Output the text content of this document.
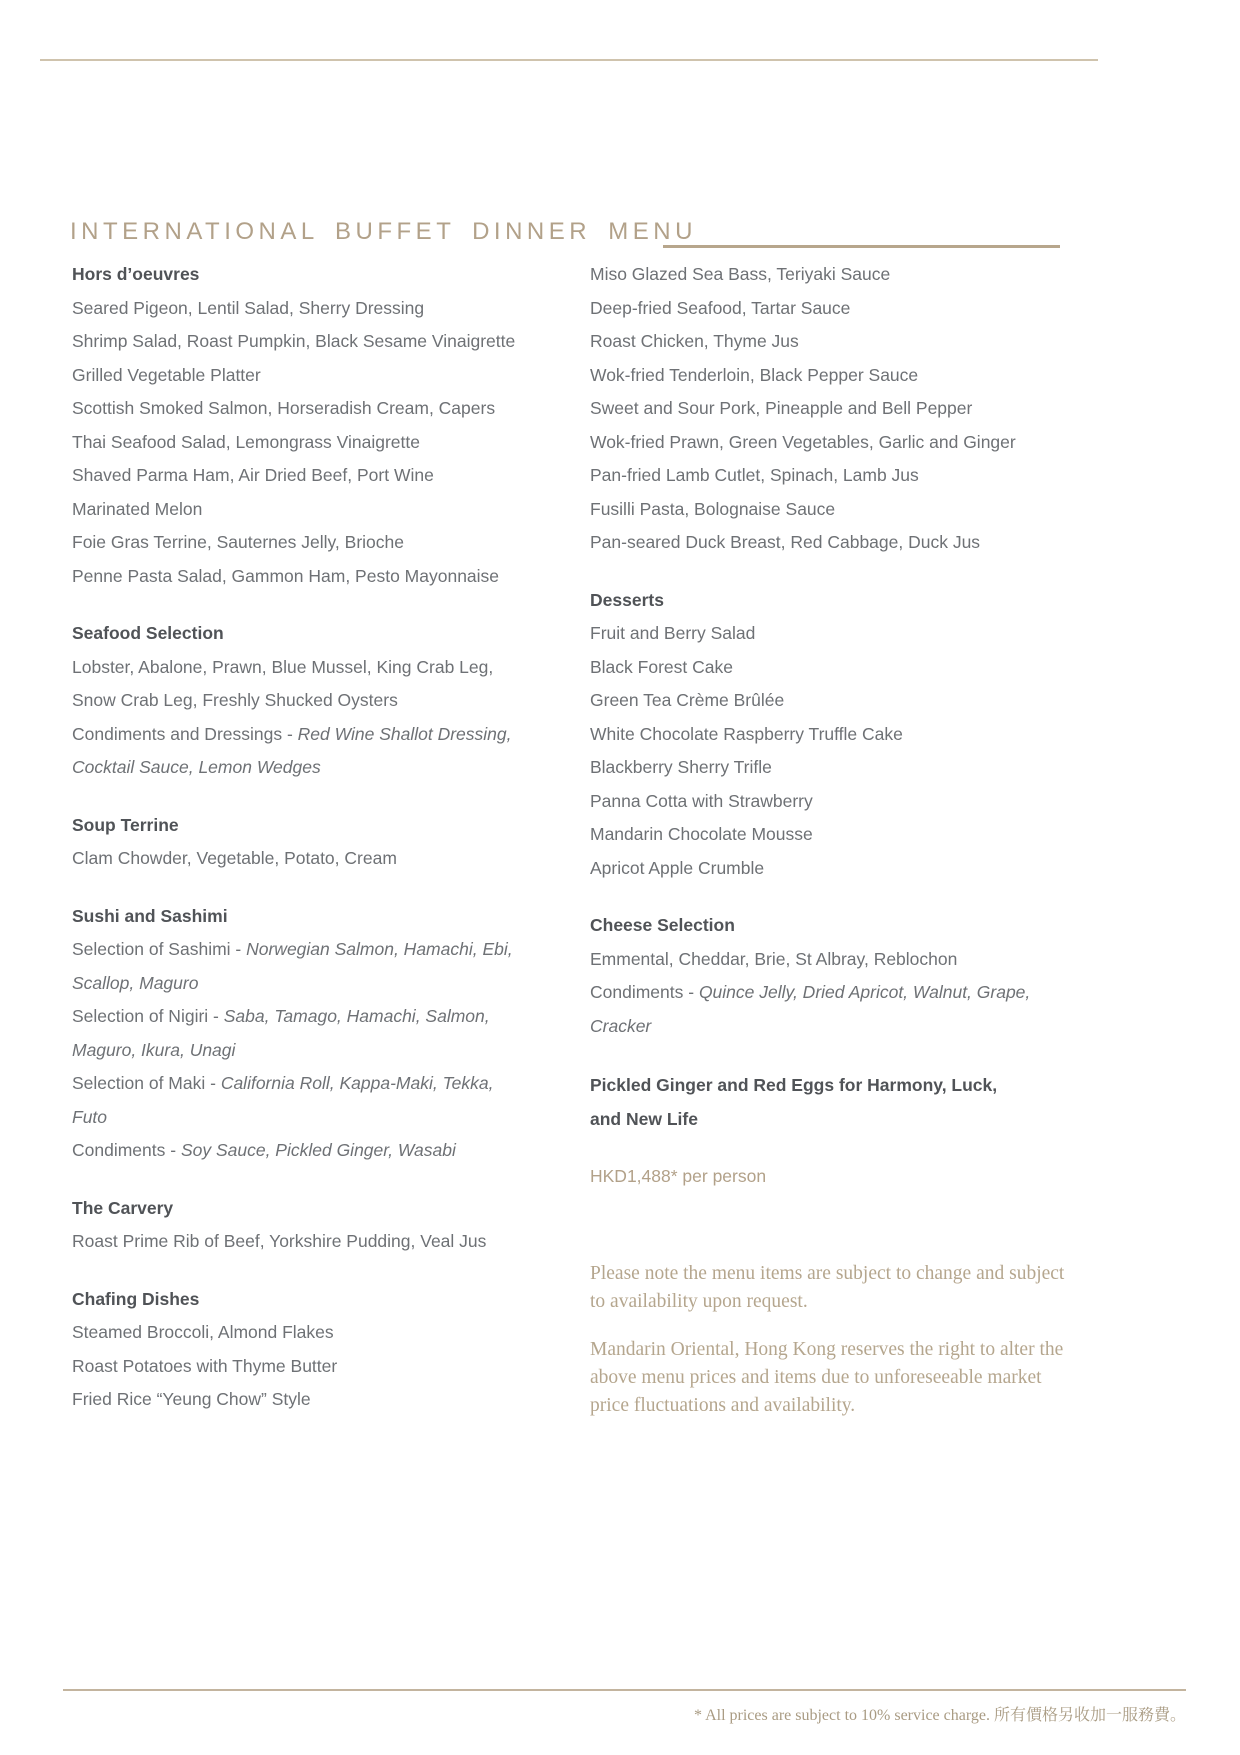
INTERNATIONAL BUFFET DINNER MENU
Hors d’oeuvres

Seared Pigeon, Lentil Salad, Sherry Dressing

Shrimp Salad, Roast Pumpkin, Black Sesame Vinaigrette

Grilled Vegetable Platter

Scottish Smoked Salmon, Horseradish Cream, Capers

Thai Seafood Salad, Lemongrass Vinaigrette

Shaved Parma Ham, Air Dried Beef, Port Wine

Marinated Melon

Foie Gras Terrine, Sauternes Jelly, Brioche

Penne Pasta Salad, Gammon Ham, Pesto Mayonnaise

Seafood Selection

Lobster, Abalone, Prawn, Blue Mussel, King Crab Leg,

Snow Crab Leg, Freshly Shucked Oysters

Condiments and Dressings - Red Wine Shallot Dressing,

Cocktail Sauce, Lemon Wedges

Soup Terrine

Clam Chowder, Vegetable, Potato, Cream

Sushi and Sashimi

Selection of Sashimi - Norwegian Salmon, Hamachi, Ebi,

Scallop, Maguro

Selection of Nigiri - Saba, Tamago, Hamachi, Salmon,

Maguro, Ikura, Unagi

Selection of Maki - California Roll, Kappa-Maki, Tekka,

Futo

Condiments - Soy Sauce, Pickled Ginger, Wasabi

The Carvery

Roast Prime Rib of Beef, Yorkshire Pudding, Veal Jus

Chafing Dishes

Steamed Broccoli, Almond Flakes

Roast Potatoes with Thyme Butter

Fried Rice “Yeung Chow” Style

Miso Glazed Sea Bass, Teriyaki Sauce

Deep-fried Seafood, Tartar Sauce

Roast Chicken, Thyme Jus

Wok-fried Tenderloin, Black Pepper Sauce

Sweet and Sour Pork, Pineapple and Bell Pepper

Wok-fried Prawn, Green Vegetables, Garlic and Ginger

Pan-fried Lamb Cutlet, Spinach, Lamb Jus

Fusilli Pasta, Bolognaise Sauce

Pan-seared Duck Breast, Red Cabbage, Duck Jus

Desserts

Fruit and Berry Salad

Black Forest Cake

Green Tea Crème Brûlée

White Chocolate Raspberry Truffle Cake

Blackberry Sherry Trifle

Panna Cotta with Strawberry

Mandarin Chocolate Mousse

Apricot Apple Crumble

Cheese Selection

Emmental, Cheddar, Brie, St Albray, Reblochon

Condiments - Quince Jelly, Dried Apricot, Walnut, Grape,

Cracker

Pickled Ginger and Red Eggs for Harmony, Luck,

and New Life

HKD1,488* per person

Please note the menu items are subject to change and subject to availability upon request.

Mandarin Oriental, Hong Kong reserves the right to alter the above menu prices and items due to unforeseeable market price fluctuations and availability.

* All prices are subject to 10% service charge. 所有價格另收加一服務費。
